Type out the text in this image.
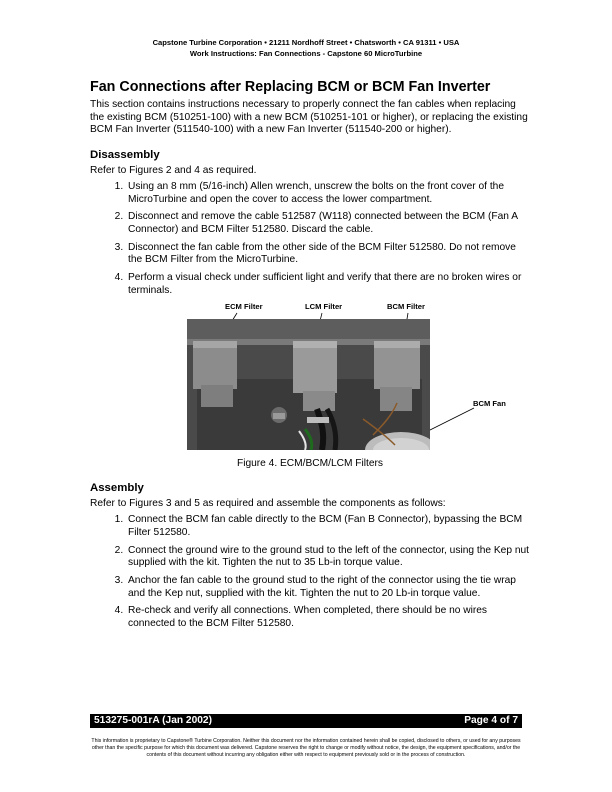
Capstone Turbine Corporation • 21211 Nordhoff Street • Chatsworth • CA 91311 • USA
Work Instructions: Fan Connections - Capstone 60 MicroTurbine
Fan Connections after Replacing BCM or BCM Fan Inverter

This section contains instructions necessary to properly connect the fan cables when replacing the existing BCM (510251-100) with a new BCM (510251-101 or higher), or replacing the existing BCM Fan Inverter (511540-100) with a new Fan Inverter (511540-200 or higher).

Disassembly

Refer to Figures 2 and 4 as required.

1. Using an 8 mm (5/16-inch) Allen wrench, unscrew the bolts on the front cover of the MicroTurbine and open the cover to access the lower compartment.
2. Disconnect and remove the cable 512587 (W118) connected between the BCM (Fan A Connector) and BCM Filter 512580. Discard the cable.
3. Disconnect the fan cable from the other side of the BCM Filter 512580. Do not remove the BCM Filter from the MicroTurbine.
4. Perform a visual check under sufficient light and verify that there are no broken wires or terminals.
ECM Filter	LCM Filter	BCM Filter
BCM Fan
Figure 4. ECM/BCM/LCM Filters
Assembly

Refer to Figures 3 and 5 as required and assemble the components as follows:

1. Connect the BCM fan cable directly to the BCM (Fan B Connector), bypassing the BCM Filter 512580.
2. Connect the ground wire to the ground stud to the left of the connector, using the Kep nut supplied with the kit. Tighten the nut to 35 Lb-in torque value.
3. Anchor the fan cable to the ground stud to the right of the connector using the tie wrap and the Kep nut, supplied with the kit. Tighten the nut to 20 Lb-in torque value.
4. Re-check and verify all connections. When completed, there should be no wires connected to the BCM Filter 512580.
513275-001rA (Jan 2002)	Page 4 of 7
This information is proprietary to Capstone® Turbine Corporation. Neither this document nor the information contained herein shall be copied, disclosed to others, or used for any purposes other than the specific purpose for which this document was delivered. Capstone reserves the right to change or modify without notice, the design, the equipment specifications, and/or the contents of this document without incurring any obligation either with respect to equipment previously sold or in the process of construction.
